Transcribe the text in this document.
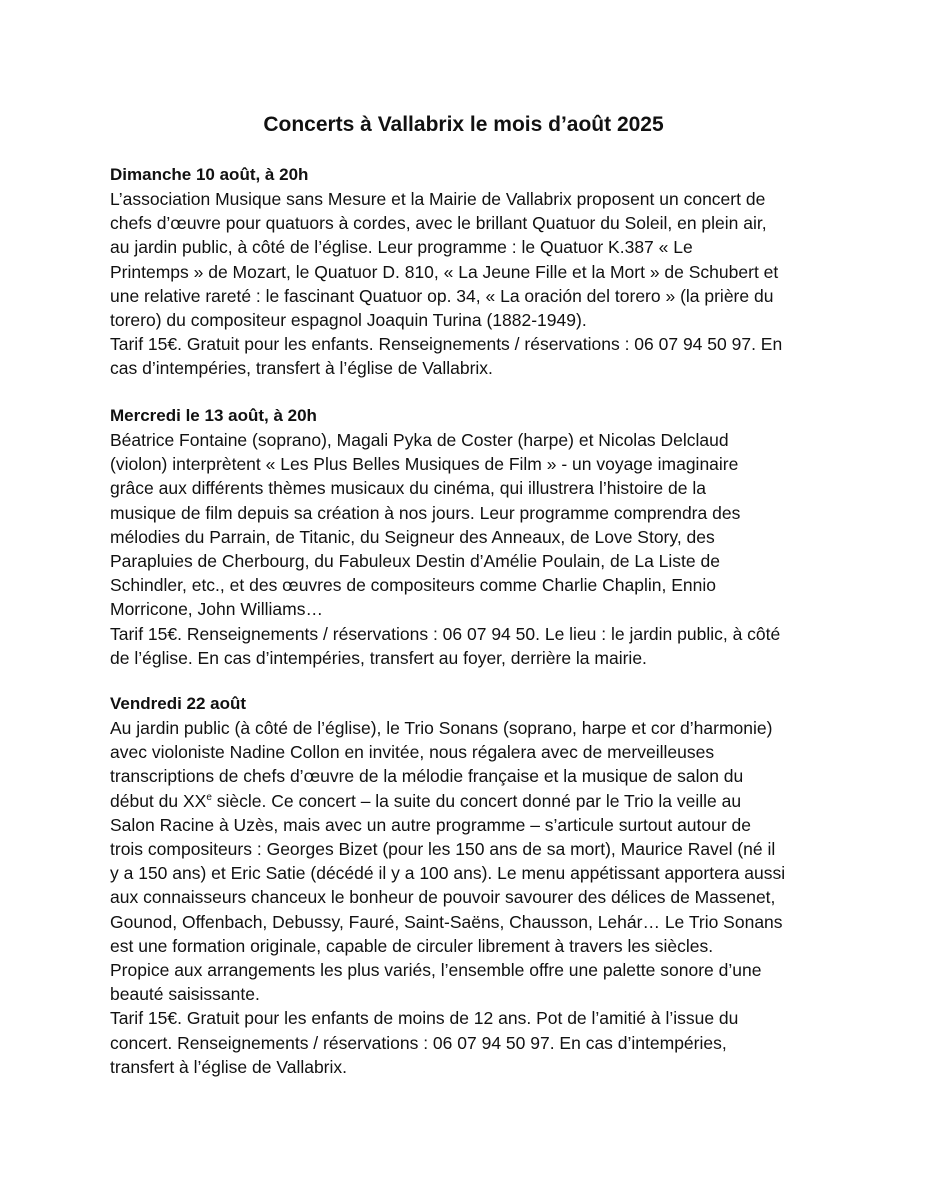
Concerts à Vallabrix le mois d’août 2025
Dimanche 10 août, à 20h
L’association Musique sans Mesure et la Mairie de Vallabrix proposent un concert de
chefs d’œuvre pour quatuors à cordes, avec le brillant Quatuor du Soleil, en plein air,
au jardin public, à côté de l’église. Leur programme : le Quatuor K.387 « Le
Printemps » de Mozart, le Quatuor D. 810, « La Jeune Fille et la Mort » de Schubert et
une relative rareté : le fascinant Quatuor op. 34, « La oración del torero » (la prière du
torero) du compositeur espagnol Joaquin Turina (1882-1949).
Tarif 15€. Gratuit pour les enfants. Renseignements / réservations : 06 07 94 50 97. En
cas d’intempéries, transfert à l’église de Vallabrix.
Mercredi le 13 août, à 20h
Béatrice Fontaine (soprano), Magali Pyka de Coster (harpe) et Nicolas Delclaud
(violon) interprètent « Les Plus Belles Musiques de Film » - un voyage imaginaire
grâce aux différents thèmes musicaux du cinéma, qui illustrera l’histoire de la
musique de film depuis sa création à nos jours. Leur programme comprendra des
mélodies du Parrain, de Titanic, du Seigneur des Anneaux, de Love Story, des
Parapluies de Cherbourg, du Fabuleux Destin d’Amélie Poulain, de La Liste de
Schindler, etc., et des œuvres de compositeurs comme Charlie Chaplin, Ennio
Morricone, John Williams…
Tarif 15€. Renseignements / réservations : 06 07 94 50. Le lieu : le jardin public, à côté
de l’église. En cas d’intempéries, transfert au foyer, derrière la mairie.
Vendredi 22 août
Au jardin public (à côté de l’église), le Trio Sonans (soprano, harpe et cor d’harmonie)
avec violoniste Nadine Collon en invitée, nous régalera avec de merveilleuses
transcriptions de chefs d’œuvre de la mélodie française et la musique de salon du
début du XXe siècle. Ce concert – la suite du concert donné par le Trio la veille au
Salon Racine à Uzès, mais avec un autre programme – s’articule surtout autour de
trois compositeurs : Georges Bizet (pour les 150 ans de sa mort), Maurice Ravel (né il
y a 150 ans) et Eric Satie (décédé il y a 100 ans). Le menu appétissant apportera aussi
aux connaisseurs chanceux le bonheur de pouvoir savourer des délices de Massenet,
Gounod, Offenbach, Debussy, Fauré, Saint-Saëns, Chausson, Lehár… Le Trio Sonans
est une formation originale, capable de circuler librement à travers les siècles.
Propice aux arrangements les plus variés, l’ensemble offre une palette sonore d’une
beauté saisissante.
Tarif 15€. Gratuit pour les enfants de moins de 12 ans. Pot de l’amitié à l’issue du
concert. Renseignements / réservations : 06 07 94 50 97. En cas d’intempéries,
transfert à l’église de Vallabrix.
